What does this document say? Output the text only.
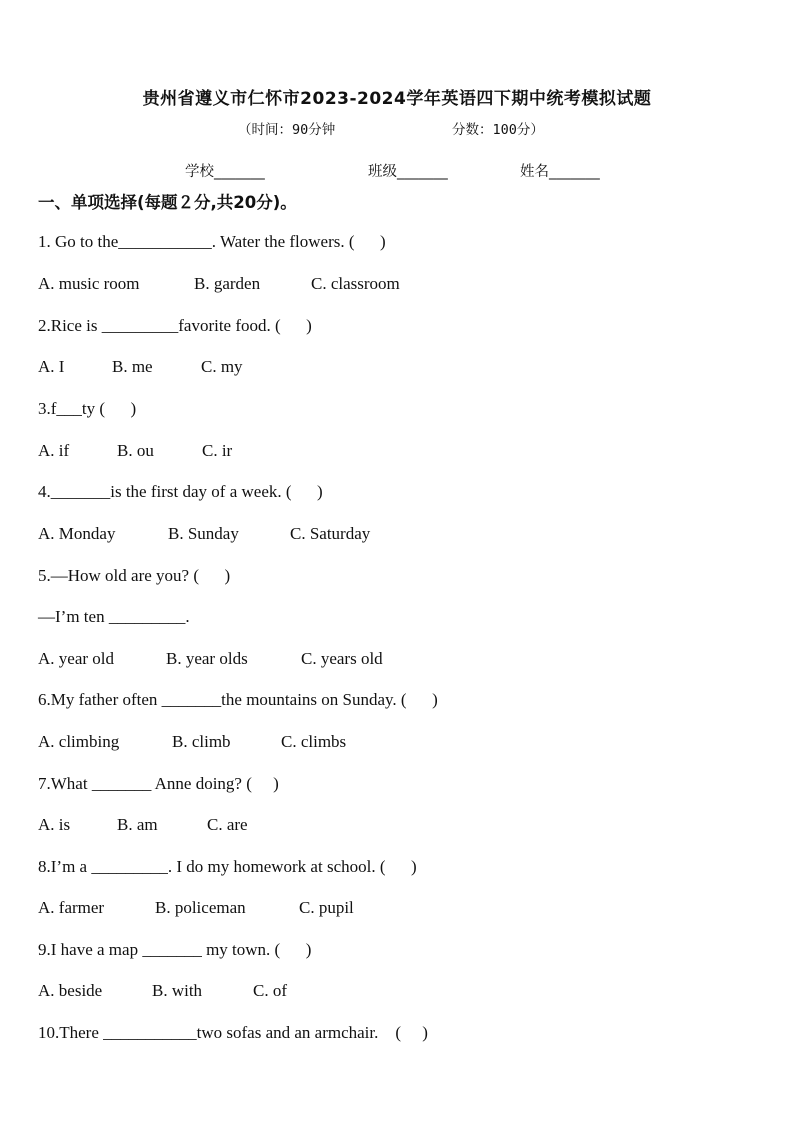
贵州省遵义市仁怀市2023-2024学年英语四下期中统考模拟试题
（时间：90分钟	分数：100分）
学校_______	班级_______	姓名_______
一、单项选择(每题２分,共20分)。
1. Go to the___________. Water the flowers. (      )
A. music room	B. garden	C. classroom
2.Rice is _________favorite food. (      )
A. I	B. me	C. my
3.f___ty (      )
A. if	B. ou	C. ir
4._______is the first day of a week. (      )
A. Monday	B. Sunday	C. Saturday
5.—How old are you? (      )
—I’m ten _________.
A. year old	B. year olds	C. years old
6.My father often _______the mountains on Sunday. (      )
A. climbing	B. climb	C. climbs
7.What _______ Anne doing? (     )
A. is	B. am	C. are
8.I’m a _________. I do my homework at school. (      )
A. farmer	B. policeman	C. pupil
9.I have a map _______ my town. (      )
A. beside	B. with	C. of
10.There ___________two sofas and an armchair.    (     )
